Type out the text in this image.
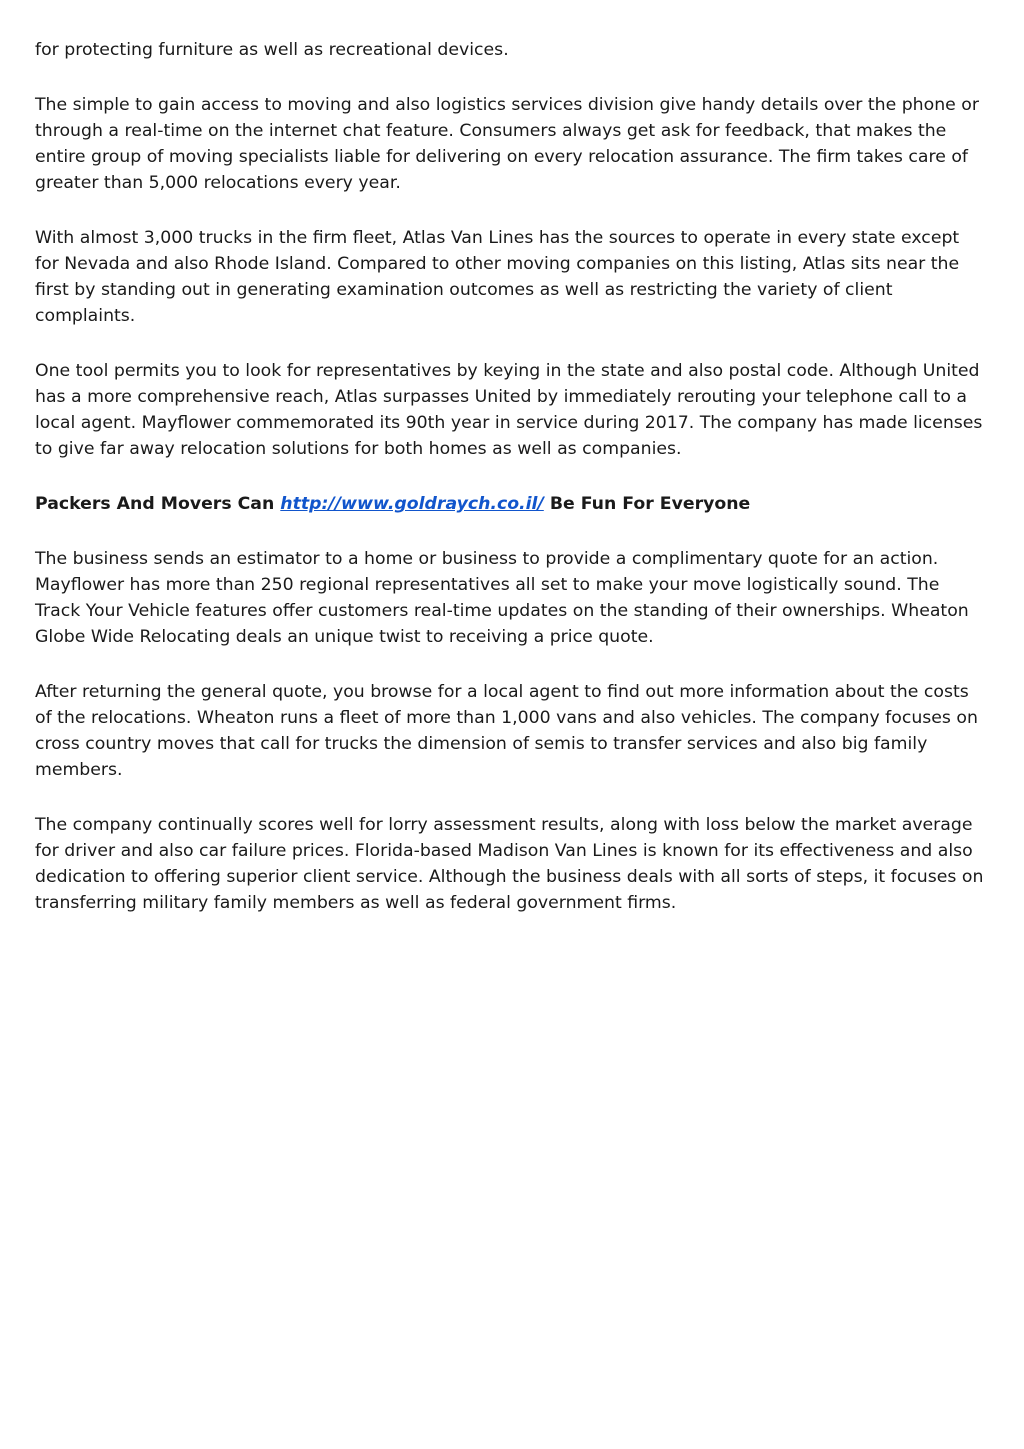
for protecting furniture as well as recreational devices.

The simple to gain access to moving and also logistics services division give handy details over the phone or through a real-time on the internet chat feature. Consumers always get ask for feedback, that makes the entire group of moving specialists liable for delivering on every relocation assurance. The firm takes care of greater than 5,000 relocations every year.

With almost 3,000 trucks in the firm fleet, Atlas Van Lines has the sources to operate in every state except for Nevada and also Rhode Island. Compared to other moving companies on this listing, Atlas sits near the first by standing out in generating examination outcomes as well as restricting the variety of client complaints.

One tool permits you to look for representatives by keying in the state and also postal code. Although United has a more comprehensive reach, Atlas surpasses United by immediately rerouting your telephone call to a local agent. Mayflower commemorated its 90th year in service during 2017. The company has made licenses to give far away relocation solutions for both homes as well as companies.

Packers And Movers Can http://www.goldraych.co.il/ Be Fun For Everyone

The business sends an estimator to a home or business to provide a complimentary quote for an action. Mayflower has more than 250 regional representatives all set to make your move logistically sound. The Track Your Vehicle features offer customers real-time updates on the standing of their ownerships. Wheaton Globe Wide Relocating deals an unique twist to receiving a price quote.

After returning the general quote, you browse for a local agent to find out more information about the costs of the relocations. Wheaton runs a fleet of more than 1,000 vans and also vehicles. The company focuses on cross country moves that call for trucks the dimension of semis to transfer services and also big family members.

The company continually scores well for lorry assessment results, along with loss below the market average for driver and also car failure prices. Florida-based Madison Van Lines is known for its effectiveness and also dedication to offering superior client service. Although the business deals with all sorts of steps, it focuses on transferring military family members as well as federal government firms.
